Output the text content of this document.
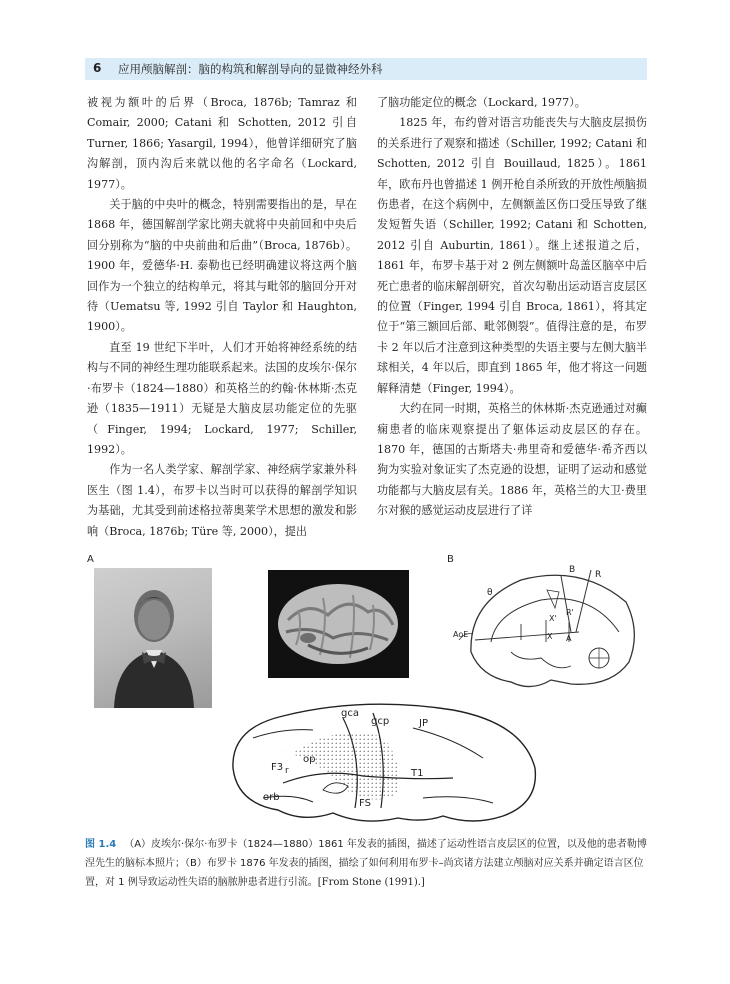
6 应用颅脑解剖：脑的构筑和解剖导向的显微神经外科

被视为额叶的后界（Broca, 1876b; Tamraz 和 Comair, 2000; Catani 和 Schotten, 2012 引自 Turner, 1866; Yasargil, 1994），他曾详细研究了脑沟解剖，顶内沟后来就以他的名字命名（Lockard, 1977）。

关于脑的中央叶的概念，特别需要指出的是，早在 1868 年，德国解剖学家比朔夫就将中央前回和中央后回分别称为“脑的中央前曲和后曲”（Broca, 1876b）。1900 年，爱德华·H. 泰勒也已经明确建议将这两个脑回作为一个独立的结构单元，将其与毗邻的脑回分开对待（Uematsu 等, 1992 引自 Taylor 和 Haughton, 1900）。

直至 19 世纪下半叶，人们才开始将神经系统的结构与不同的神经生理功能联系起来。法国的皮埃尔·保尔·布罗卡（1824—1880）和英格兰的约翰·休林斯·杰克逊（1835—1911）无疑是大脑皮层功能定位的先驱（Finger, 1994; Lockard, 1977; Schiller, 1992）。

作为一名人类学家、解剖学家、神经病学家兼外科医生（图 1.4），布罗卡以当时可以获得的解剖学知识为基础，尤其受到前述格拉蒂奥莱学术思想的激发和影响（Broca, 1876b; Türe 等, 2000），提出

了脑功能定位的概念（Lockard, 1977）。

1825 年，布约曾对语言功能丧失与大脑皮层损伤的关系进行了观察和描述（Schiller, 1992; Catani 和 Schotten, 2012 引自 Bouillaud, 1825）。1861 年，欧布丹也曾描述 1 例开枪自杀所致的开放性颅脑损伤患者，在这个病例中，左侧额盖区伤口受压导致了继发短暂失语（Schiller, 1992; Catani 和 Schotten, 2012 引自 Auburtin, 1861）。继上述报道之后，1861 年，布罗卡基于对 2 例左侧额叶岛盖区脑卒中后死亡患者的临床解剖研究，首次勾勒出运动语言皮层区的位置（Finger, 1994 引自 Broca, 1861），将其定位于“第三额回后部、毗邻侧裂”。值得注意的是，布罗卡 2 年以后才注意到这种类型的失语主要与左侧大脑半球相关，4 年以后，即直到 1865 年，他才将这一问题解释清楚（Finger, 1994）。

大约在同一时期，英格兰的休林斯·杰克逊通过对癫痫患者的临床观察提出了躯体运动皮层区的存在。1870 年，德国的古斯塔夫·弗里奇和爱德华·希齐西以狗为实验对象证实了杰克逊的设想，证明了运动和感觉功能都与大脑皮层有关。1886 年，英格兰的大卫·费里尔对猴的感觉运动皮层进行了详

A	B
B R
θ
X'
R'
AoE	X A
gca
gcp	JP
op
F3 r	T1
orb
FS
图 1.4 （A）皮埃尔·保尔·布罗卡（1824—1880）1861 年发表的插图，描述了运动性语言皮层区的位置，以及他的患者勒博涅先生的脑标本照片；（B）布罗卡 1876 年发表的插图，描绘了如何利用布罗卡–尚宾诸方法建立颅脑对应关系并确定语言区位置，对 1 例导致运动性失语的脑脓肿患者进行引流。[From Stone (1991).]
